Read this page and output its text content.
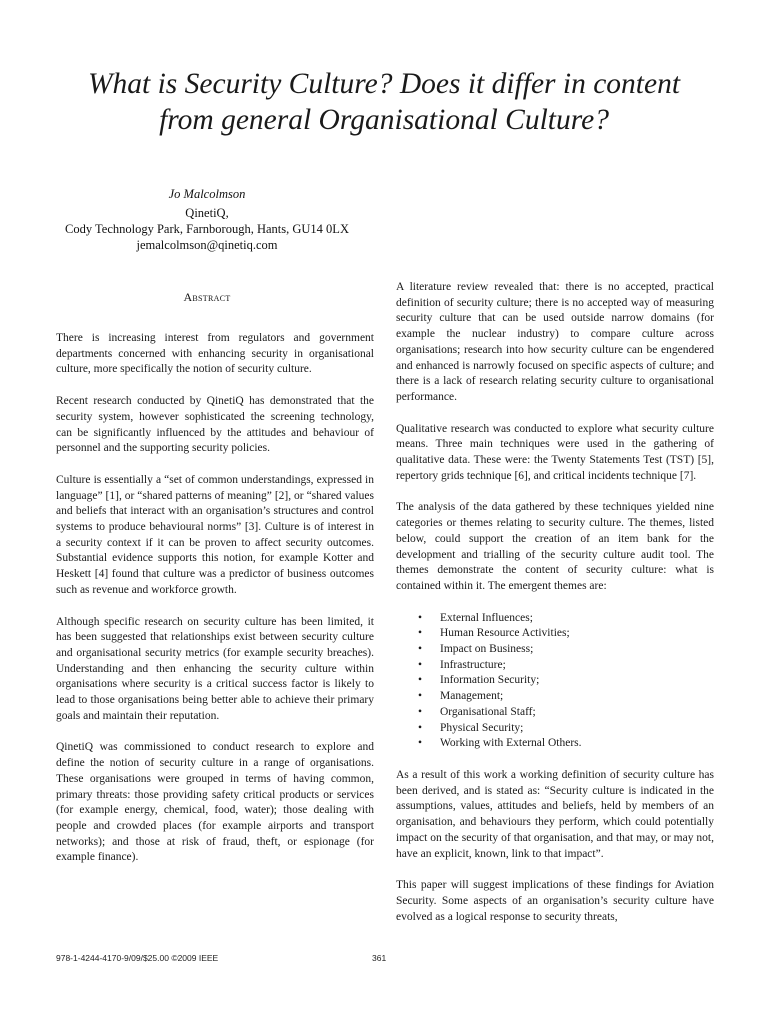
What is Security Culture? Does it differ in content
from general Organisational Culture?
Jo Malcolmson
QinetiQ,
Cody Technology Park, Farnborough, Hants, GU14 0LX
jemalcolmson@qinetiq.com
Abstract

There is increasing interest from regulators and government departments concerned with enhancing security in organisational culture, more specifically the notion of security culture.

Recent research conducted by QinetiQ has demonstrated that the security system, however sophisticated the screening technology, can be significantly influenced by the attitudes and behaviour of personnel and the supporting security policies.

Culture is essentially a “set of common understandings, expressed in language” [1], or “shared patterns of meaning” [2], or “shared values and beliefs that interact with an organisation’s structures and control systems to produce behavioural norms” [3]. Culture is of interest in a security context if it can be proven to affect security outcomes. Substantial evidence supports this notion, for example Kotter and Heskett [4] found that culture was a predictor of business outcomes such as revenue and workforce growth.

Although specific research on security culture has been limited, it has been suggested that relationships exist between security culture and organisational security metrics (for example security breaches). Understanding and then enhancing the security culture within organisations where security is a critical success factor is likely to lead to those organisations being better able to achieve their primary goals and maintain their reputation.

QinetiQ was commissioned to conduct research to explore and define the notion of security culture in a range of organisations. These organisations were grouped in terms of having common, primary threats: those providing safety critical products or services (for example energy, chemical, food, water); those dealing with people and crowded places (for example airports and transport networks); and those at risk of fraud, theft, or espionage (for example finance).

A literature review revealed that: there is no accepted, practical definition of security culture; there is no accepted way of measuring security culture that can be used outside narrow domains (for example the nuclear industry) to compare culture across organisations; research into how security culture can be engendered and enhanced is narrowly focused on specific aspects of culture; and there is a lack of research relating security culture to organisational performance.

Qualitative research was conducted to explore what security culture means. Three main techniques were used in the gathering of qualitative data. These were: the Twenty Statements Test (TST) [5], repertory grids technique [6], and critical incidents technique [7].

The analysis of the data gathered by these techniques yielded nine categories or themes relating to security culture. The themes, listed below, could support the creation of an item bank for the development and trialling of the security culture audit tool. The themes demonstrate the content of security culture: what is contained within it. The emergent themes are:

• External Influences;
• Human Resource Activities;
• Impact on Business;
• Infrastructure;
• Information Security;
• Management;
• Organisational Staff;
• Physical Security;
• Working with External Others.

As a result of this work a working definition of security culture has been derived, and is stated as: “Security culture is indicated in the assumptions, values, attitudes and beliefs, held by members of an organisation, and behaviours they perform, which could potentially impact on the security of that organisation, and that may, or may not, have an explicit, known, link to that impact”.

This paper will suggest implications of these findings for Aviation Security. Some aspects of an organisation’s security culture have evolved as a logical response to security threats,

978-1-4244-4170-9/09/$25.00 ©2009 IEEE	361
